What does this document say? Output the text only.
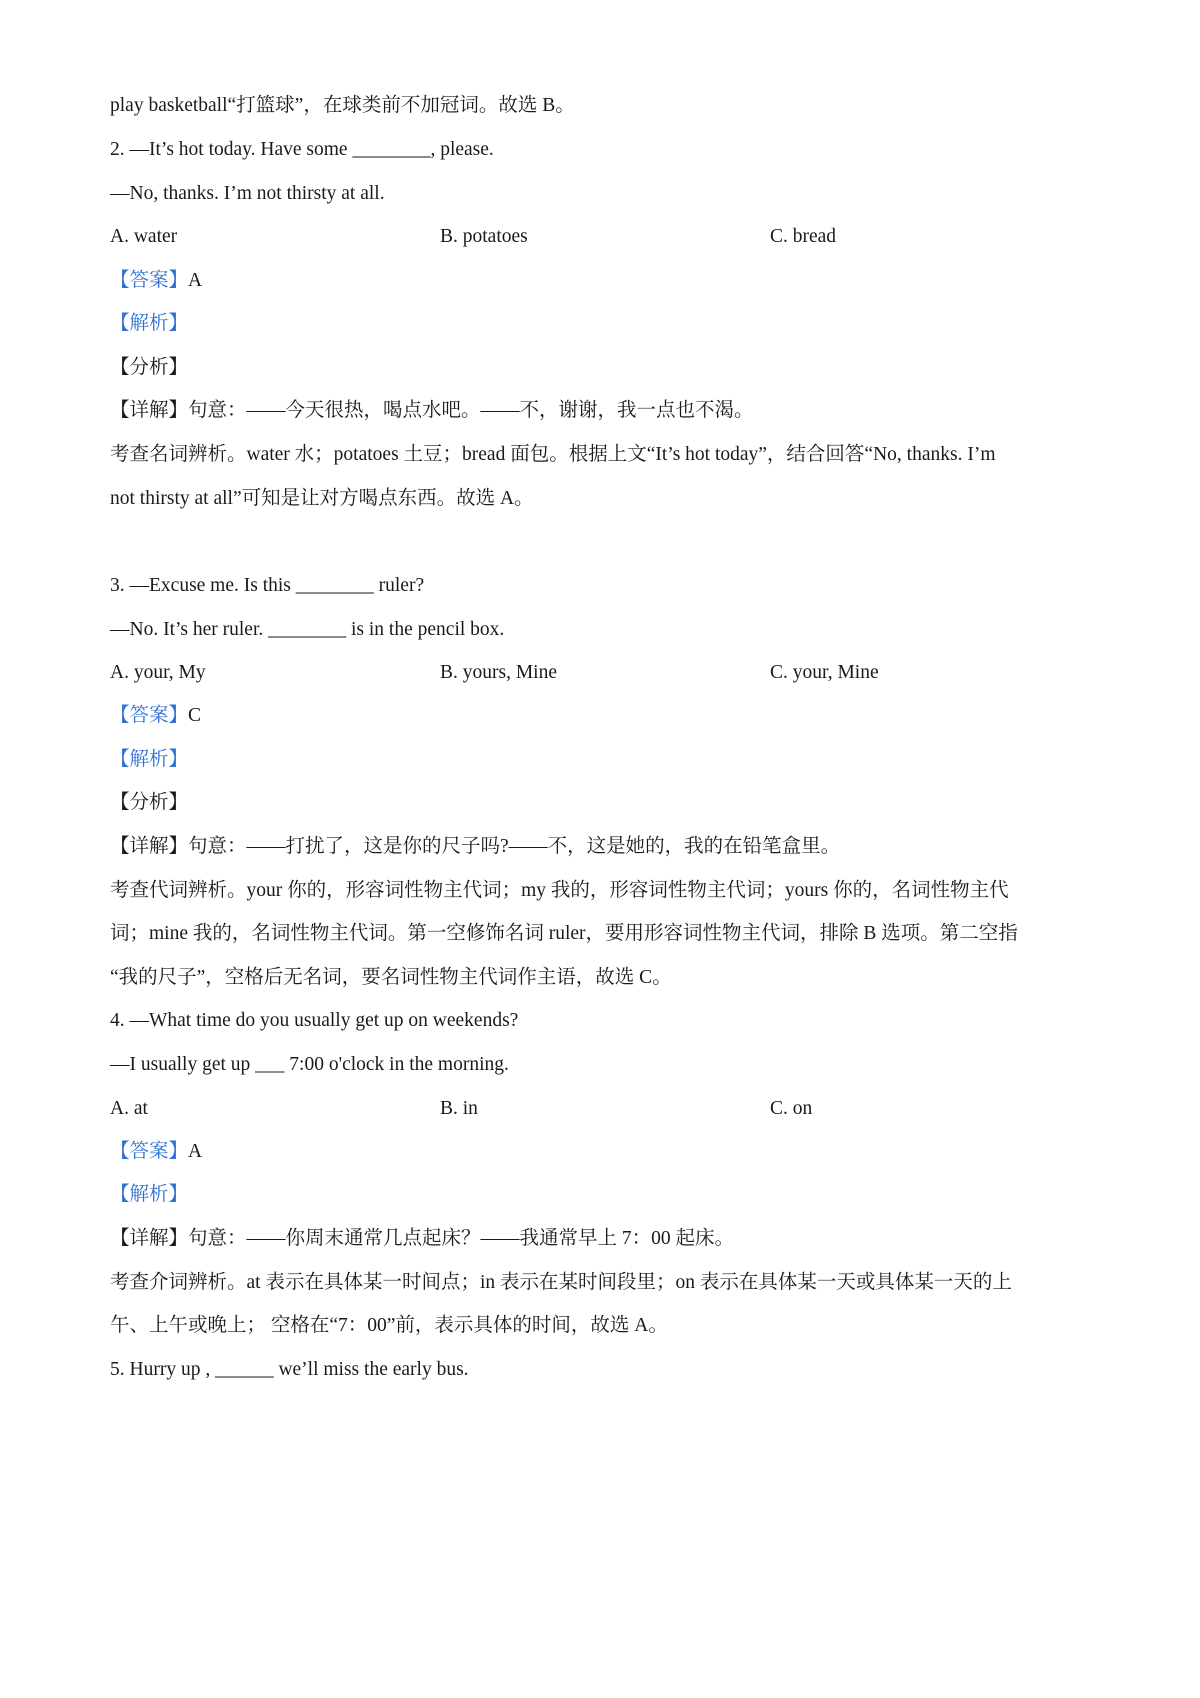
play basketball“打篮球”，在球类前不加冠词。故选 B。
2. —It’s hot today. Have some ________, please.
—No, thanks. I’m not thirsty at all.
A. water	B. potatoes	C. bread
【答案】A
【解析】
【分析】
【详解】句意：——今天很热，喝点水吧。——不，谢谢，我一点也不渴。
考查名词辨析。water 水；potatoes 土豆；bread 面包。根据上文“It’s hot today”，结合回答“No, thanks. I’m
not thirsty at all”可知是让对方喝点东西。故选 A。
3. —Excuse me. Is this ________ ruler?
—No. It’s her ruler. ________ is in the pencil box.
A. your, My	B. yours, Mine	C. your, Mine
【答案】C
【解析】
【分析】
【详解】句意：——打扰了，这是你的尺子吗?——不，这是她的，我的在铅笔盒里。
考查代词辨析。your 你的，形容词性物主代词；my 我的，形容词性物主代词；yours 你的，名词性物主代
词；mine 我的，名词性物主代词。第一空修饰名词 ruler，要用形容词性物主代词，排除 B 选项。第二空指
“我的尺子”，空格后无名词，要名词性物主代词作主语，故选 C。
4. —What time do you usually get up on weekends?
—I usually get up ___ 7:00 o'clock in the morning.
A. at	B. in	C. on
【答案】A
【解析】
【详解】句意：——你周末通常几点起床？——我通常早上 7：00 起床。
考查介词辨析。at 表示在具体某一时间点；in 表示在某时间段里；on 表示在具体某一天或具体某一天的上
午、上午或晚上； 空格在“7：00”前，表示具体的时间，故选 A。
5. Hurry up , ______ we’ll miss the early bus.
